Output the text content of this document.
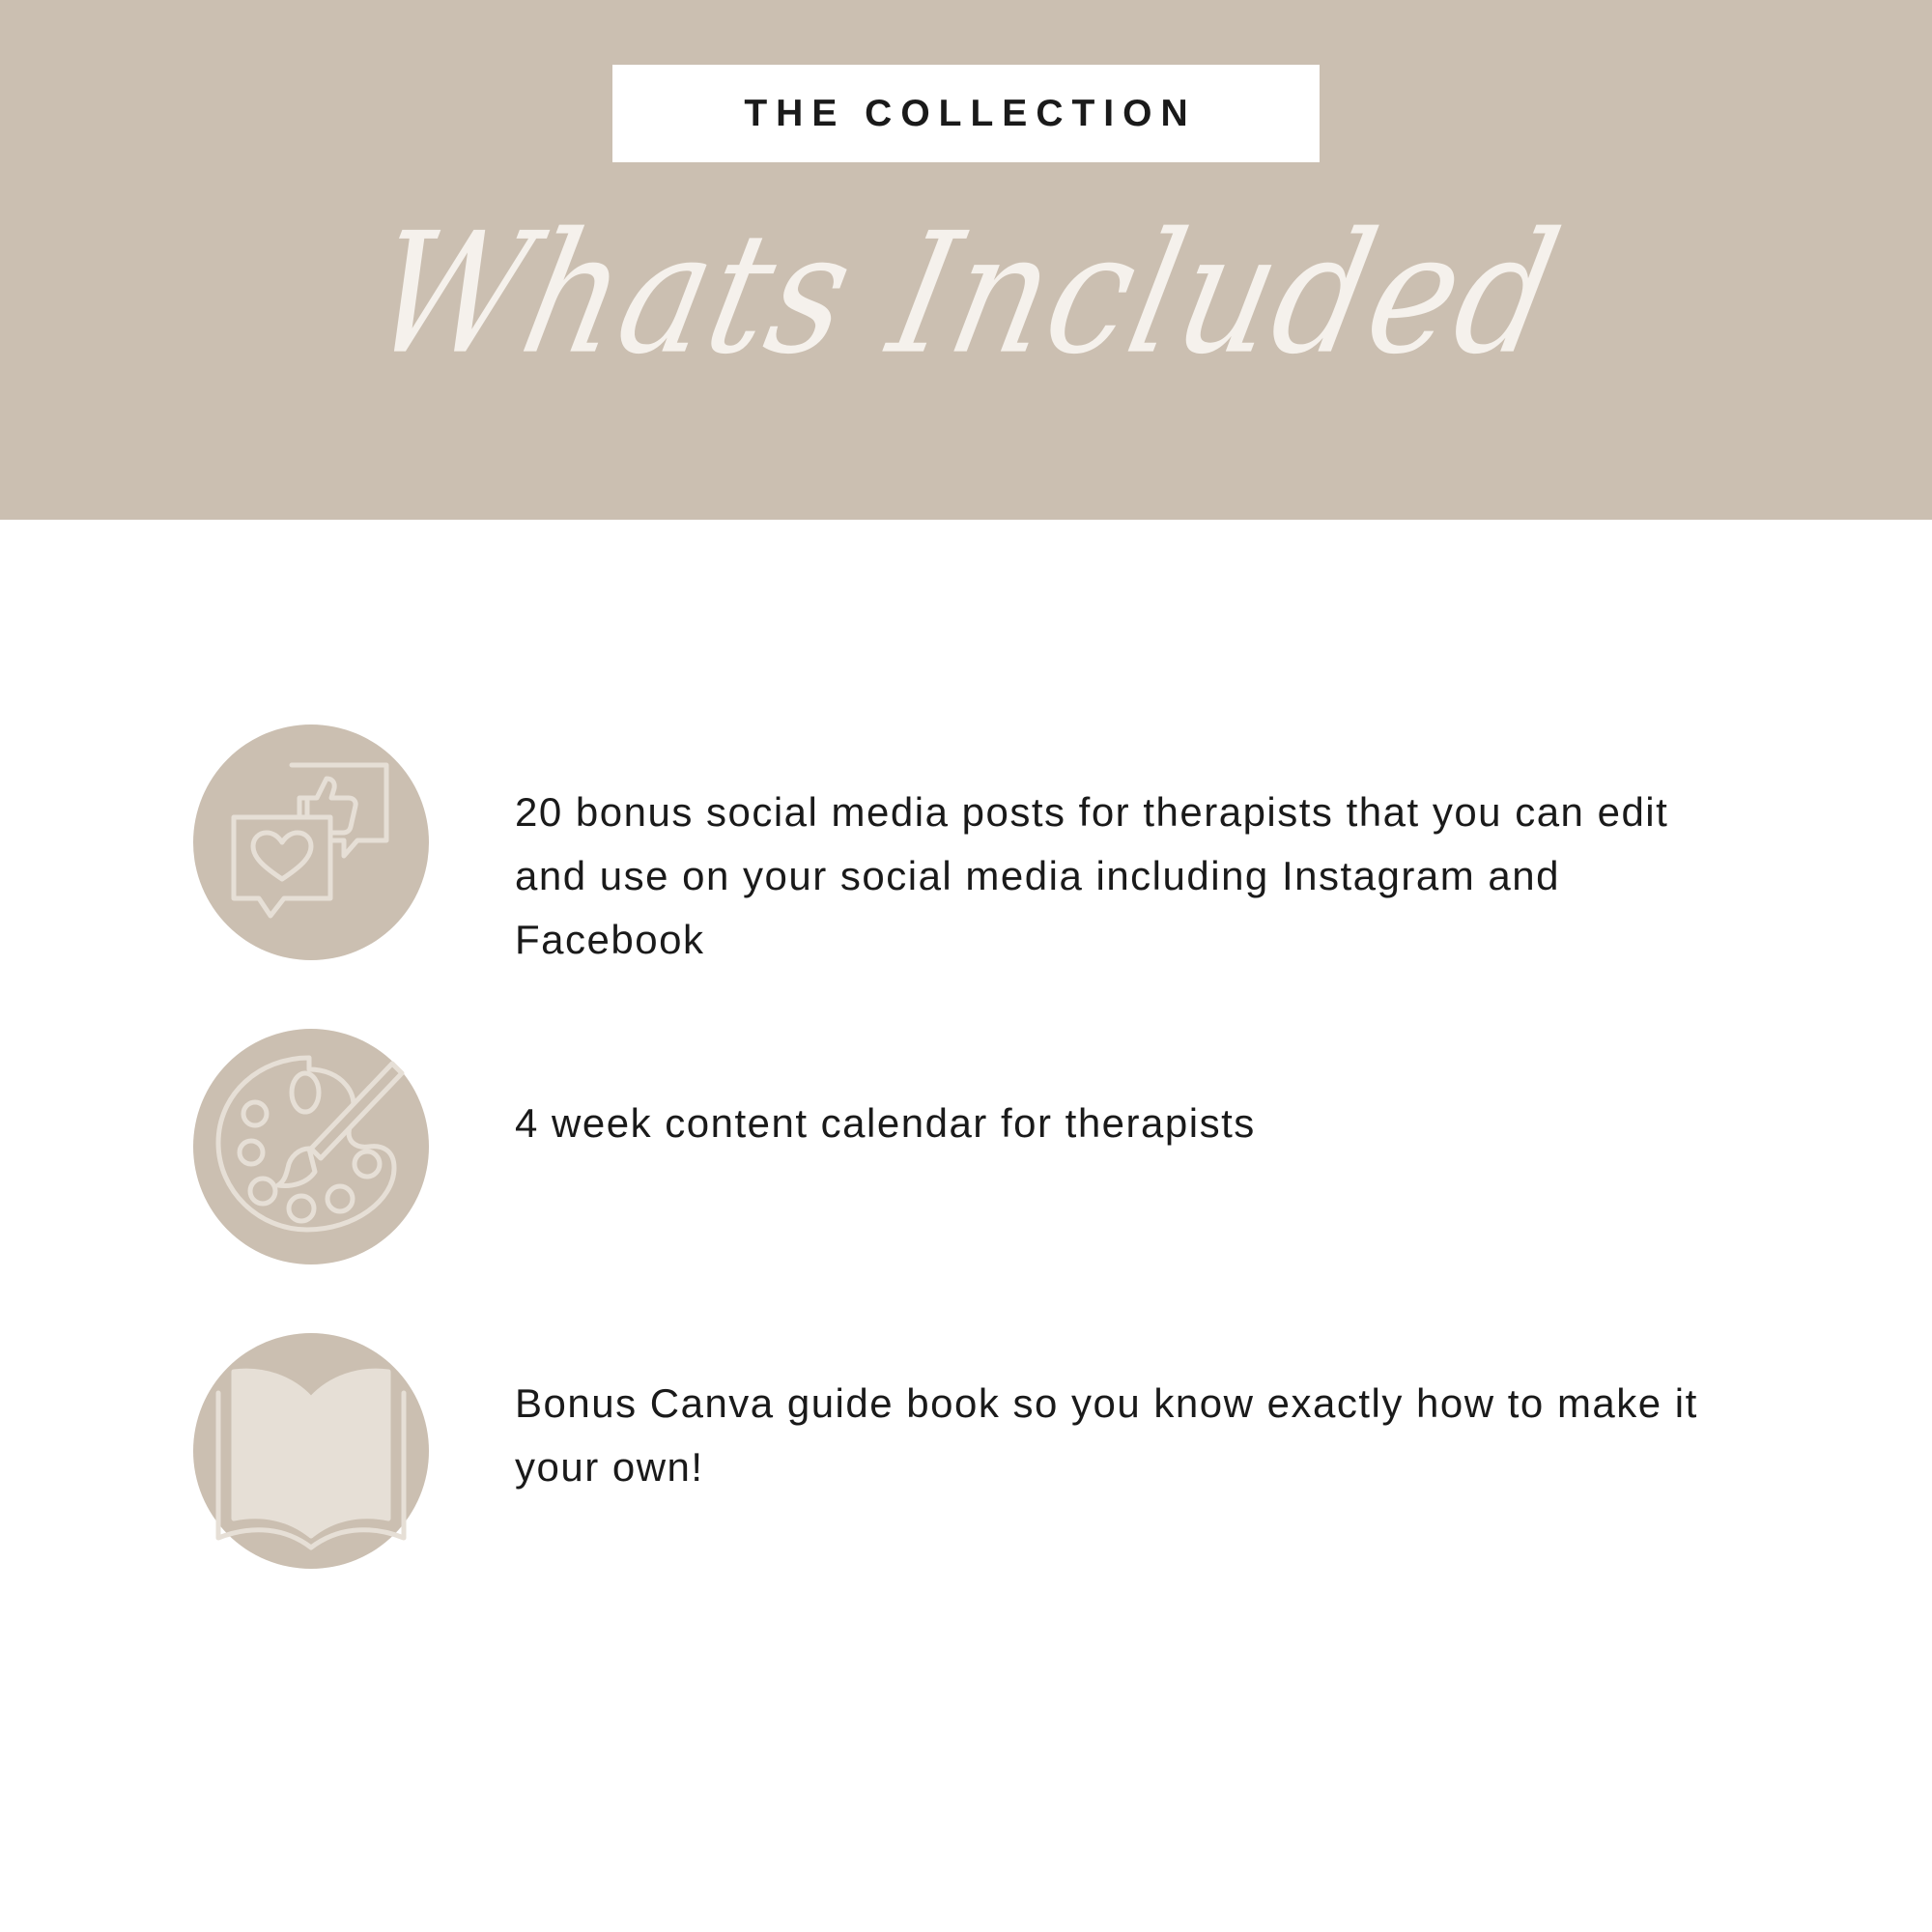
THE COLLECTION
Whats Included
20 bonus social media posts for therapists that you can edit and use on your social media including Instagram and Facebook
4 week content calendar for therapists
Bonus Canva guide book so you know exactly how to make it your own!
